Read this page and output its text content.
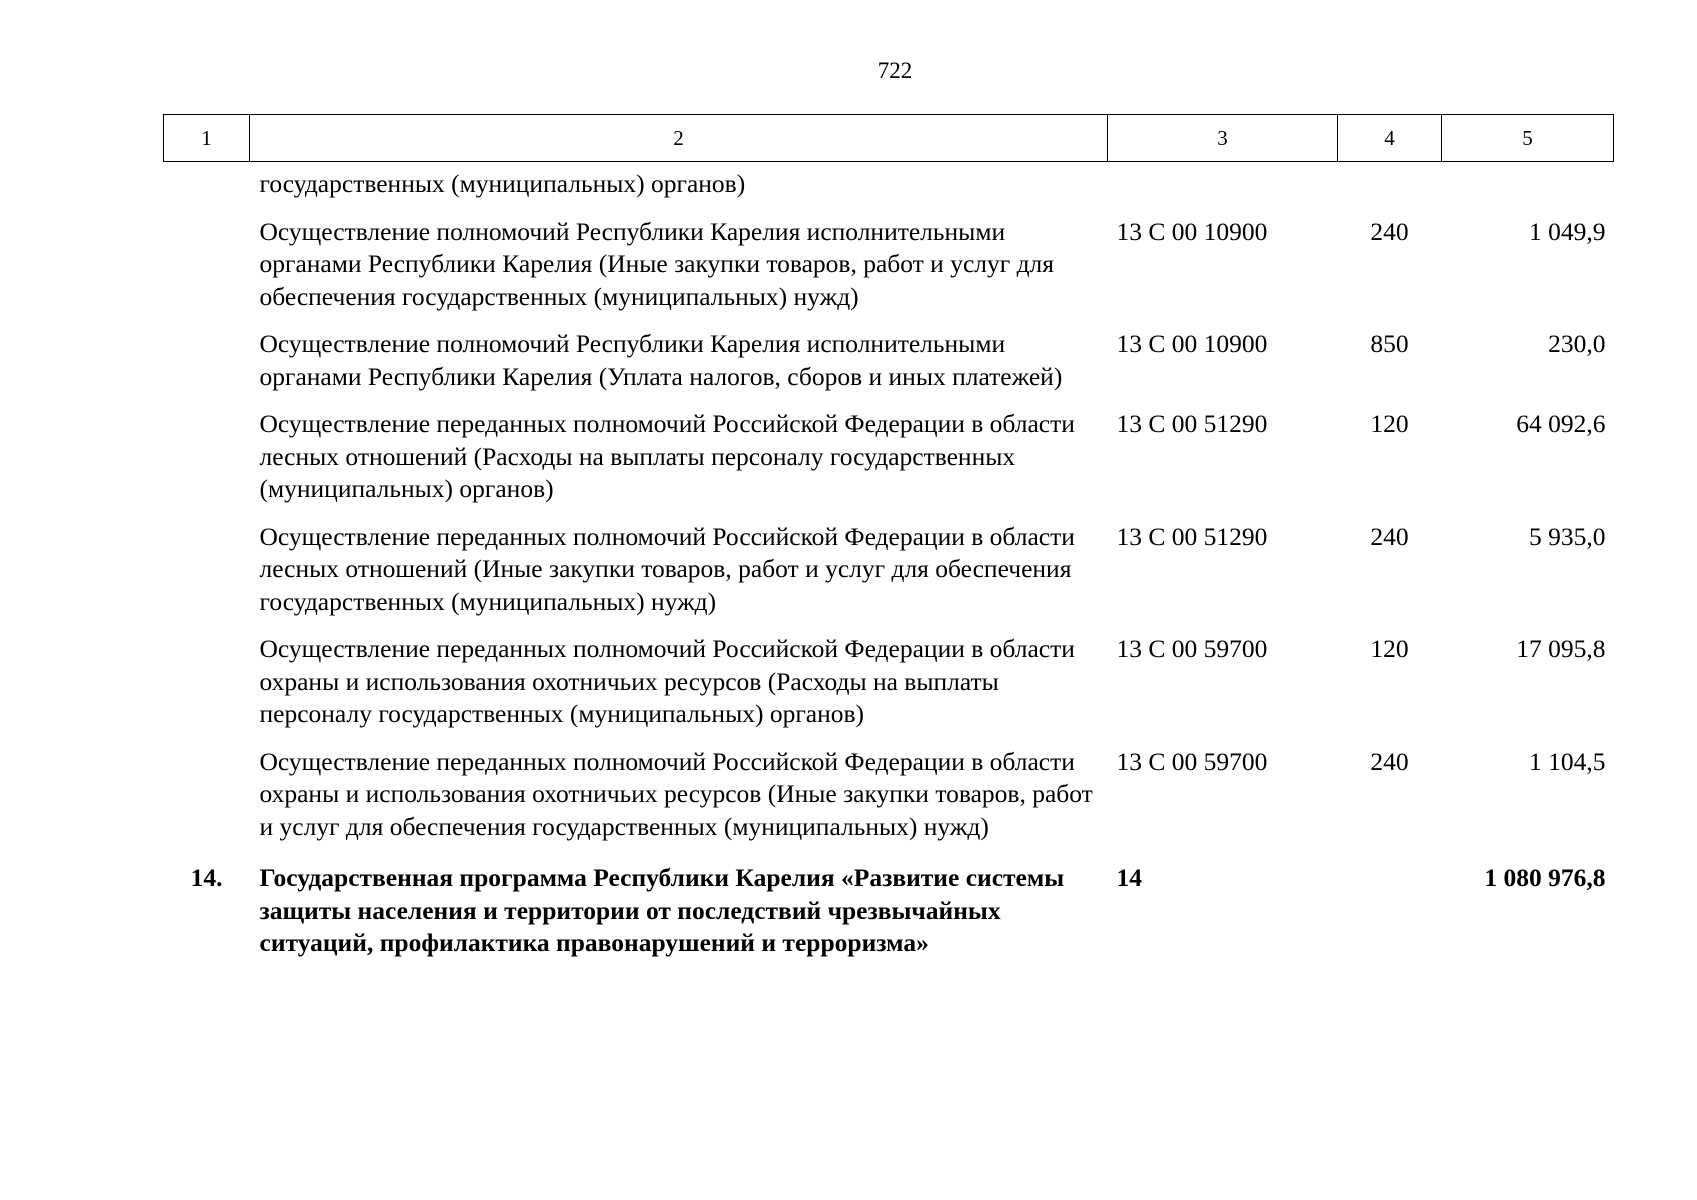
722
1	2	3	4	5
	государственных (муниципальных) органов)			
	Осуществление полномочий Республики Карелия исполнительными органами Республики Карелия (Иные закупки товаров, работ и услуг для обеспечения государственных (муниципальных) нужд)	13 С 00 10900	240	1 049,9
	Осуществление полномочий Республики Карелия исполнительными органами Республики Карелия (Уплата налогов, сборов и иных платежей)	13 С 00 10900	850	230,0
	Осуществление переданных полномочий Российской Федерации в области лесных отношений (Расходы на выплаты персоналу государственных (муниципальных) органов)	13 С 00 51290	120	64 092,6
	Осуществление переданных полномочий Российской Федерации в области лесных отношений (Иные закупки товаров, работ и услуг для обеспечения государственных (муниципальных) нужд)	13 С 00 51290	240	5 935,0
	Осуществление переданных полномочий Российской Федерации в области охраны и использования охотничьих ресурсов (Расходы на выплаты персоналу государственных (муниципальных) органов)	13 С 00 59700	120	17 095,8
	Осуществление переданных полномочий Российской Федерации в области охраны и использования охотничьих ресурсов (Иные закупки товаров, работ и услуг для обеспечения государственных (муниципальных) нужд)	13 С 00 59700	240	1 104,5
14.	Государственная программа Республики Карелия «Развитие системы защиты населения и территории от последствий чрезвычайных ситуаций, профилактика правонарушений и терроризма»	14		1 080 976,8
